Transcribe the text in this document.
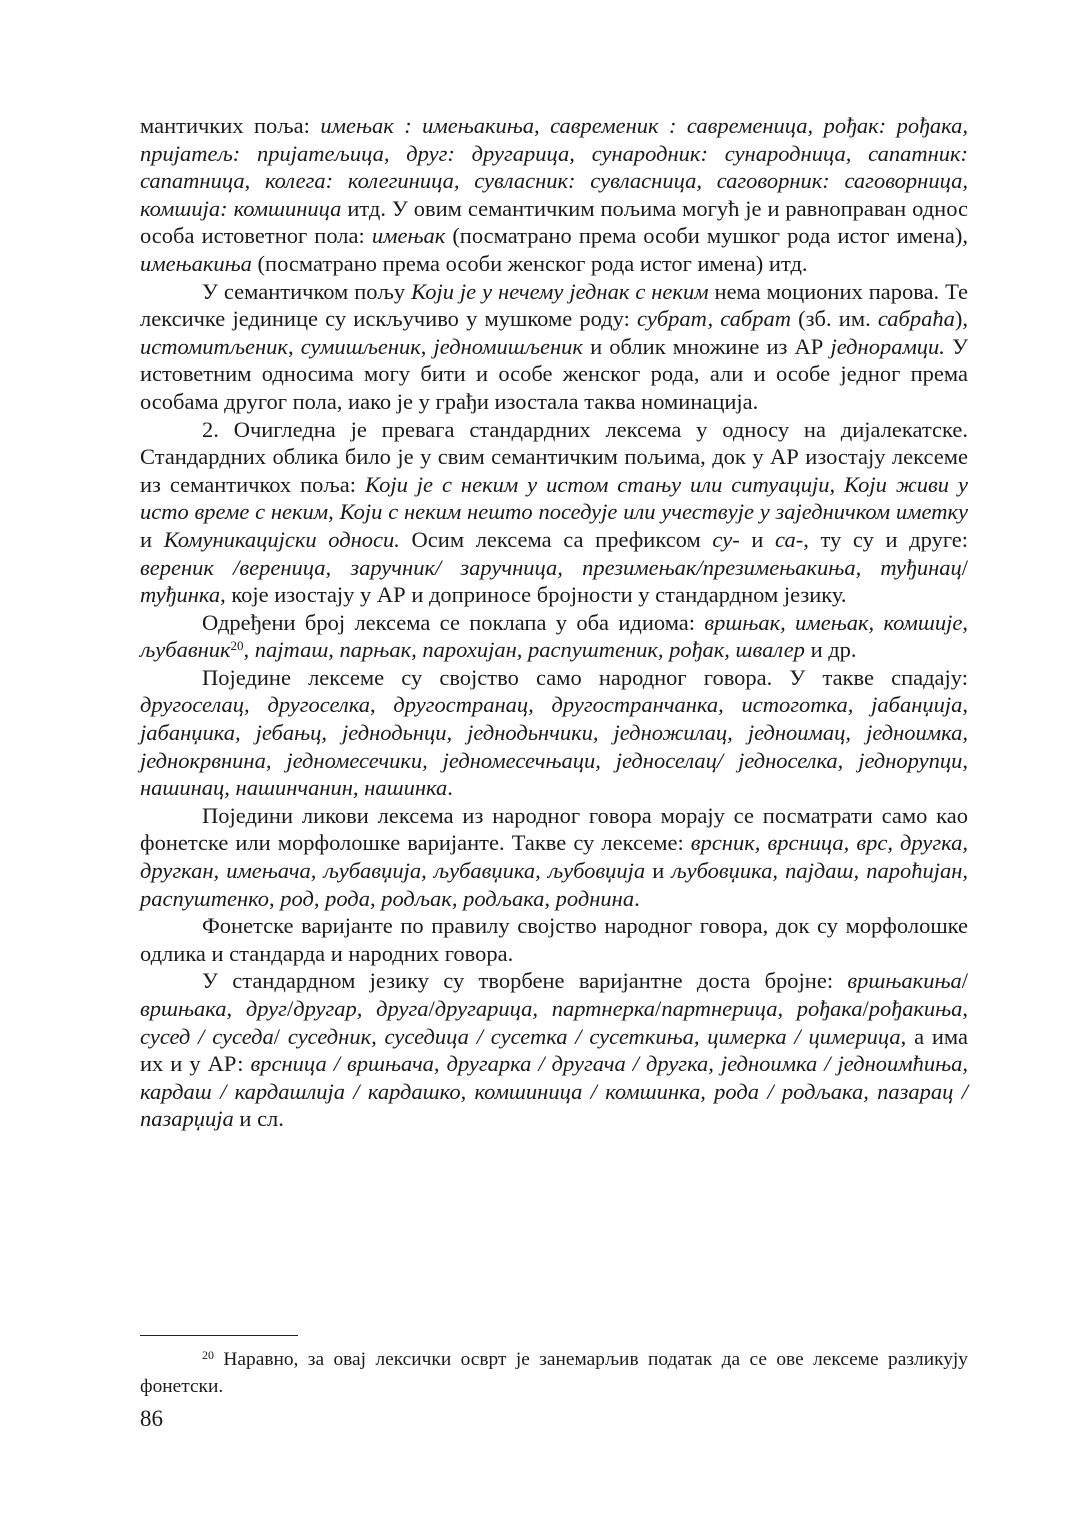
мантичких поља: имењак : имењакиња, савременик : савременица, рођак: рођака, пријатељ: пријатељица, друг: другарица, сународник: сународница, сапатник: сапатница, колега: колегиница, сувласник: сувласница, саговорник: саговорница, комшија: комшиница итд. У овим семантичким пољима могућ је и равноправан однос особа истоветног пола: имењак (посматрано према особи мушког рода истог имена), имењакиња (посматрано према особи женског рода истог имена) итд.

У семантичком пољу Који је у нечему једнак с неким нема моционих парова. Те лексичке јединице су искључиво у мушкоме роду: субрат, сабрат (зб. им. сабраћа), истомитљеник, сумишљеник, једномишљеник и облик множине из АР једнорамци. У истоветним односима могу бити и особе женског рода, али и особе једног према особама другог пола, иако је у грађи изостала таква номинација.

2. Очигледна је превага стандардних лексема у односу на дијалекатске. Стандардних облика било је у свим семантичким пољима, док у АР изостају лексеме из семантичкох поља: Који је с неким у истом стању или ситуацији, Који живи у исто време с неким, Који с неким нешто поседује или учествује у заједничком иметку и Комуникацијски односи. Осим лексема са префиксом су- и са-, ту су и друге: вереник /вереница, заручник/ заручница, презимењак/презимењакиња, туђинац/туђинка, које изостају у АР и доприносе бројности у стандардном језику.

Одређени број лексема се поклапа у оба идиома: вршњак, имењак, комшије, љубавник$^{20}$, пајташ, парњак, парохијан, распуштеник, рођак, швалер и др.

Поједине лексеме су својство само народног говора. У такве спадају: другоселац, другоселка, другостранац, другостранчанка, истоготка, јабанџија, јабанџика, јебањц, једнодьнци, једнодьнчики, једножилац, једноимац, једноимка, једнокрвнина, једномесечики, једномесечњаци, једноселац/ једноселка, једнорупци, нашинац, нашинчанин, нашинка.

Поједини ликови лексема из народног говора морају се посматрати само као фонетске или морфолошке варијанте. Такве су лексеме: врсник, врсница, врс, другка, другкан, имењача, љубавџија, љубавџика, љубовџија и љубовџика, пајдаш, пароћијан, распуштенко, род, рода, родљак, родљака, роднина.

Фонетске варијанте по правилу својство народног говора, док су морфолошке одлика и стандарда и народних говора.

У стандардном језику су творбене варијантне доста бројне: вршњакиња/вршњака, друг/другар, друга/другарица, партнерка/партнерица, рођака/рођакиња, сусед / суседа/ суседник, суседица / сусетка / сусеткиња, цимерка / цимерица, а има их и у АР: врсница / вршњача, другарка / другача / другка, једноимка / једноимћиња, кардаш / кардашлија / кардашко, комшиница / комшинка, рода / родљака, пазарац / пазарџија и сл.

$^{20}$ Наравно, за овај лексички осврт је занемарљив податак да се ове лексеме разликују фонетски.

86
